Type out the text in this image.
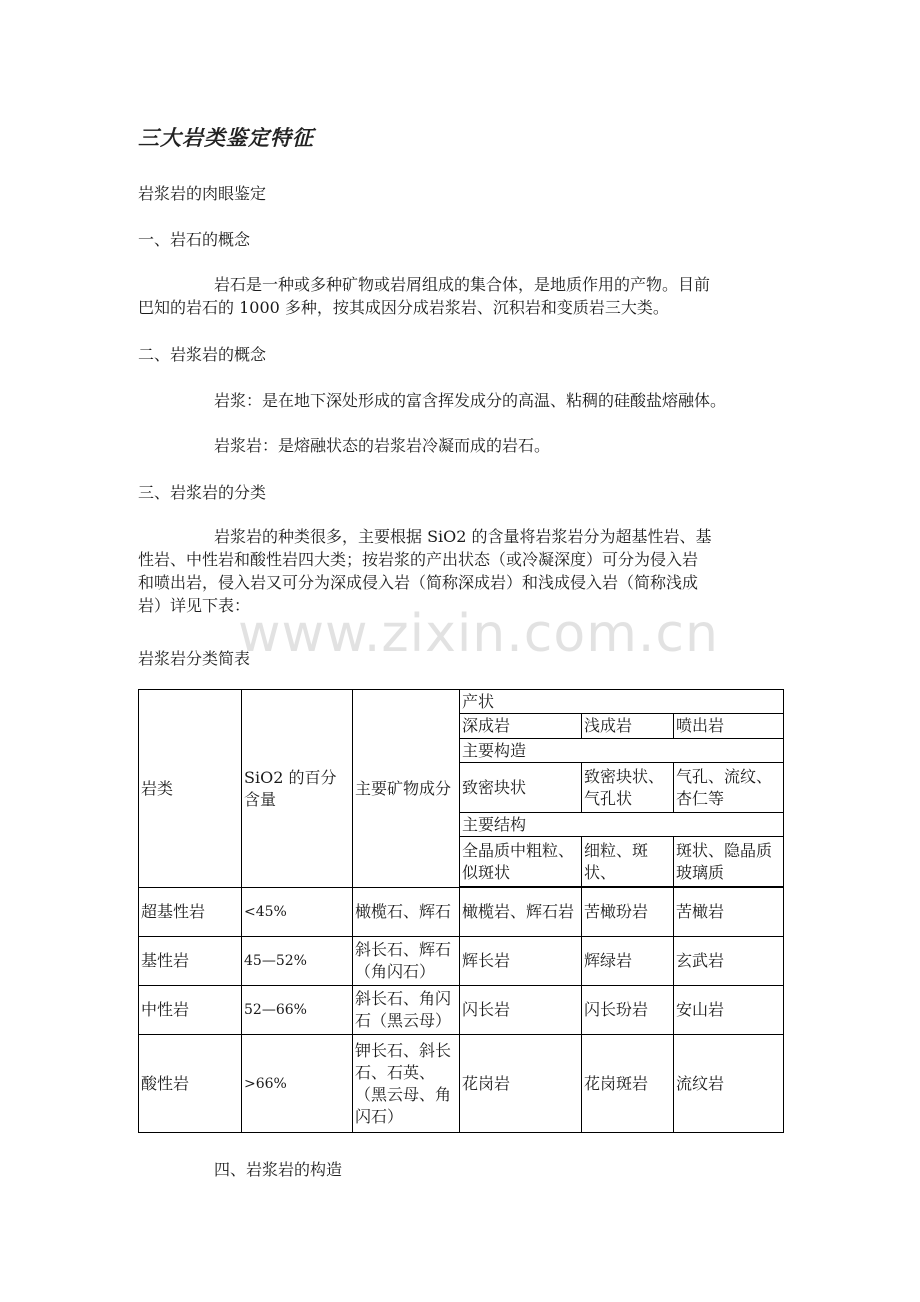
三大岩类鉴定特征
岩浆岩的肉眼鉴定
一、岩石的概念
岩石是一种或多种矿物或岩屑组成的集合体，是地质作用的产物。目前
巴知的岩石的 1000 多种，按其成因分成岩浆岩、沉积岩和变质岩三大类。
二、岩浆岩的概念
岩浆：是在地下深处形成的富含挥发成分的高温、粘稠的硅酸盐熔融体。
岩浆岩：是熔融状态的岩浆岩冷凝而成的岩石。
三、岩浆岩的分类
岩浆岩的种类很多，主要根据 SiO2 的含量将岩浆岩分为超基性岩、基
性岩、中性岩和酸性岩四大类；按岩浆的产出状态（或冷凝深度）可分为侵入岩
和喷出岩，侵入岩又可分为深成侵入岩（简称深成岩）和浅成侵入岩（简称浅成
岩）详见下表：
岩浆岩分类简表
岩类	SiO2 的百分含量	主要矿物成分	产状		
			深成岩	浅成岩	喷出岩
			主要构造		
			致密块状	致密块状、气孔状	气孔、流纹、杏仁等
			主要结构		
			全晶质中粗粒、似斑状	细粒、斑状、	斑状、隐晶质玻璃质

超基性岩	<45%	橄榄石、辉石	橄榄岩、辉石岩	苦橄玢岩	苦橄岩
基性岩	45—52%	斜长石、辉石（角闪石）	辉长岩	辉绿岩	玄武岩
中性岩	52—66%	斜长石、角闪石（黑云母）	闪长岩	闪长玢岩	安山岩
酸性岩	>66%	钾长石、斜长石、石英、（黑云母、角闪石）	花岗岩	花岗斑岩	流纹岩
四、岩浆岩的构造
www.zixin.com.cn
